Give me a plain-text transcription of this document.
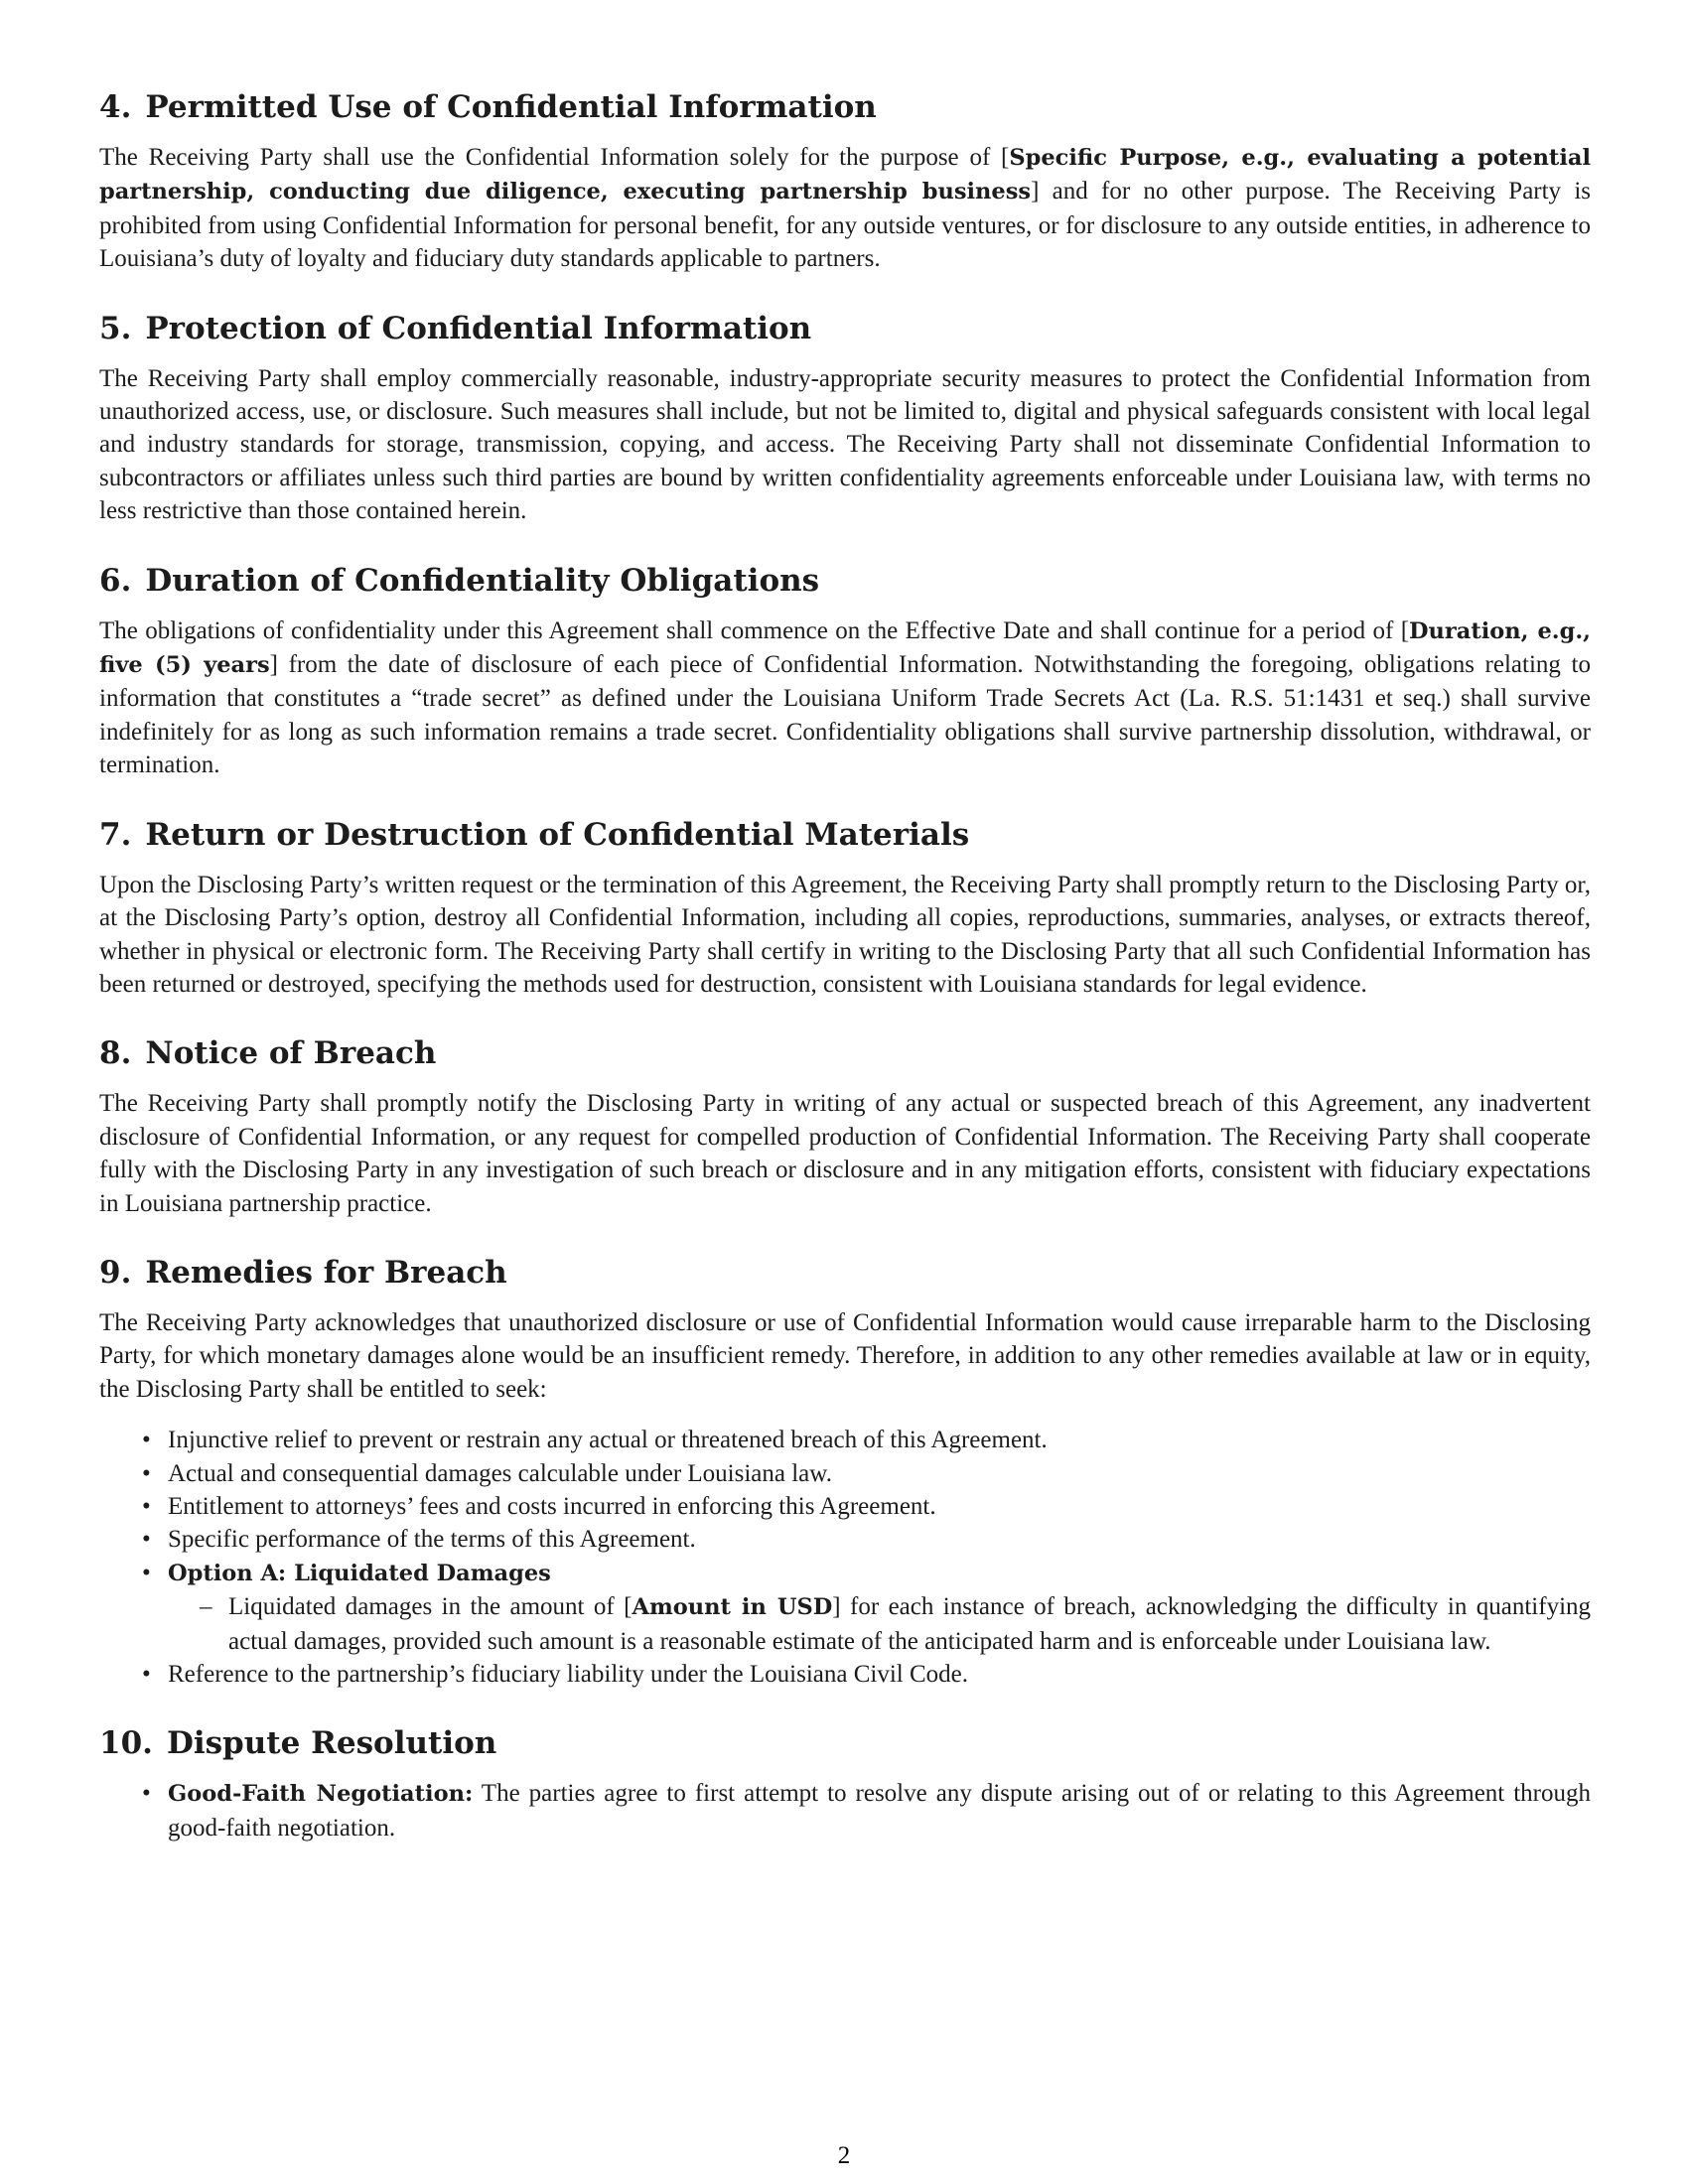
4. Permitted Use of Confidential Information

The Receiving Party shall use the Confidential Information solely for the purpose of [Specific Purpose, e.g., evaluating a potential partnership, conducting due diligence, executing partnership business] and for no other purpose. The Receiving Party is prohibited from using Confidential Information for personal benefit, for any outside ventures, or for disclosure to any outside entities, in adherence to Louisiana’s duty of loyalty and fiduciary duty standards applicable to partners.

5. Protection of Confidential Information

The Receiving Party shall employ commercially reasonable, industry-appropriate security measures to protect the Confidential Information from unauthorized access, use, or disclosure. Such measures shall include, but not be limited to, digital and physical safeguards consistent with local legal and industry standards for storage, transmission, copying, and access. The Receiving Party shall not disseminate Confidential Information to subcontractors or affiliates unless such third parties are bound by written confidentiality agreements enforceable under Louisiana law, with terms no less restrictive than those contained herein.

6. Duration of Confidentiality Obligations

The obligations of confidentiality under this Agreement shall commence on the Effective Date and shall continue for a period of [Duration, e.g., five (5) years] from the date of disclosure of each piece of Confidential Information. Notwithstanding the foregoing, obligations relating to information that constitutes a “trade secret” as defined under the Louisiana Uniform Trade Secrets Act (La. R.S. 51:1431 et seq.) shall survive indefinitely for as long as such information remains a trade secret. Confidentiality obligations shall survive partnership dissolution, withdrawal, or termination.

7. Return or Destruction of Confidential Materials

Upon the Disclosing Party’s written request or the termination of this Agreement, the Receiving Party shall promptly return to the Disclosing Party or, at the Disclosing Party’s option, destroy all Confidential Information, including all copies, reproductions, summaries, analyses, or extracts thereof, whether in physical or electronic form. The Receiving Party shall certify in writing to the Disclosing Party that all such Confidential Information has been returned or destroyed, specifying the methods used for destruction, consistent with Louisiana standards for legal evidence.

8. Notice of Breach

The Receiving Party shall promptly notify the Disclosing Party in writing of any actual or suspected breach of this Agreement, any inadvertent disclosure of Confidential Information, or any request for compelled production of Confidential Information. The Receiving Party shall cooperate fully with the Disclosing Party in any investigation of such breach or disclosure and in any mitigation efforts, consistent with fiduciary expectations in Louisiana partnership practice.

9. Remedies for Breach

The Receiving Party acknowledges that unauthorized disclosure or use of Confidential Information would cause irreparable harm to the Disclosing Party, for which monetary damages alone would be an insufficient remedy. Therefore, in addition to any other remedies available at law or in equity, the Disclosing Party shall be entitled to seek:

• Injunctive relief to prevent or restrain any actual or threatened breach of this Agreement.
• Actual and consequential damages calculable under Louisiana law.
• Entitlement to attorneys’ fees and costs incurred in enforcing this Agreement.
• Specific performance of the terms of this Agreement.
• Option A: Liquidated Damages
– Liquidated damages in the amount of [Amount in USD] for each instance of breach, acknowledging the difficulty in quantifying actual damages, provided such amount is a reasonable estimate of the anticipated harm and is enforceable under Louisiana law.
• Reference to the partnership’s fiduciary liability under the Louisiana Civil Code.
10. Dispute Resolution
• Good-Faith Negotiation: The parties agree to first attempt to resolve any dispute arising out of or relating to this Agreement through good-faith negotiation.
2
